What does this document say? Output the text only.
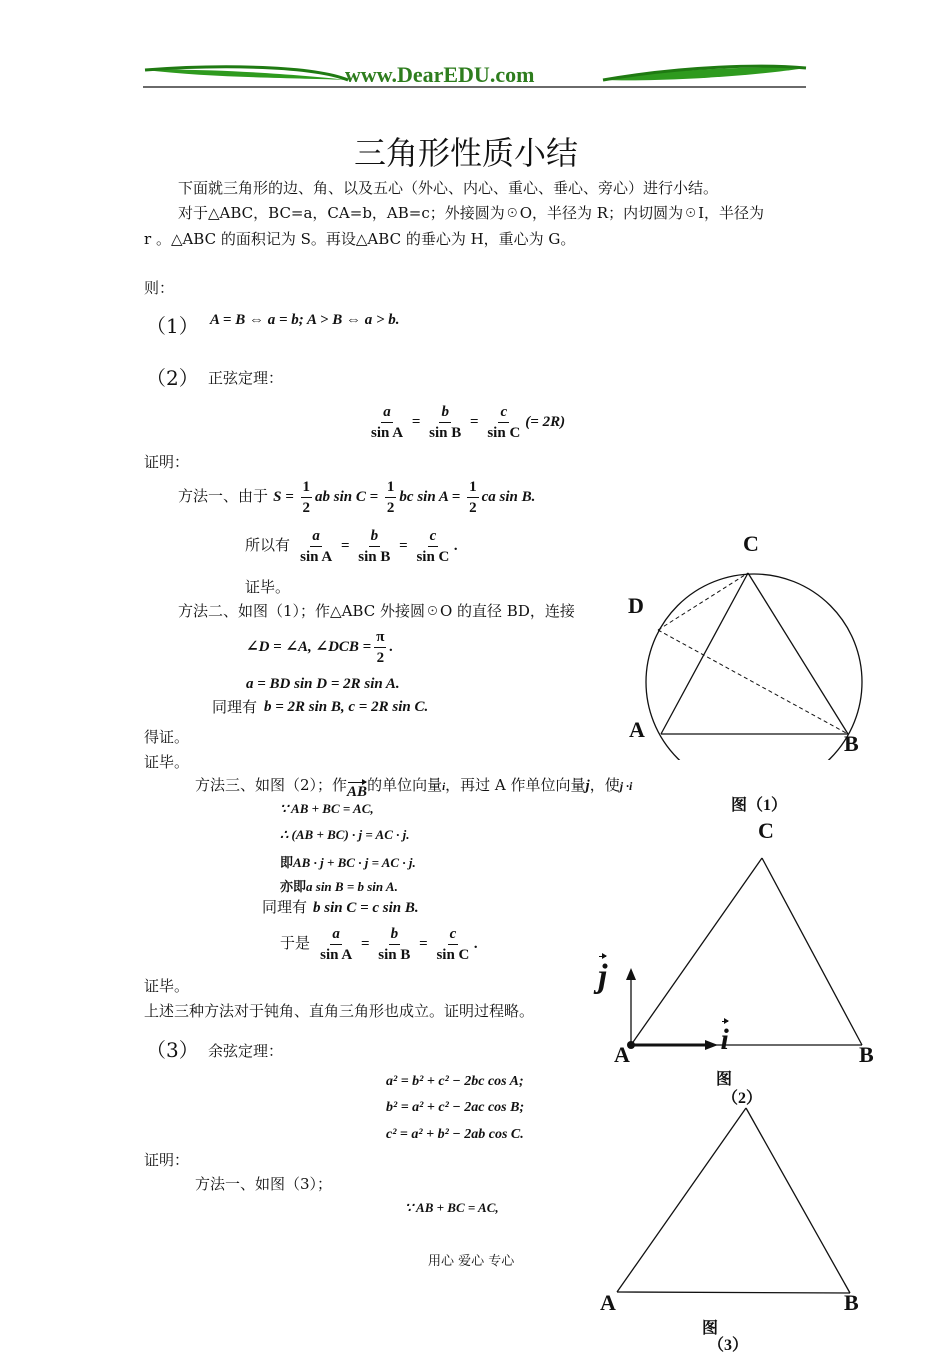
www.DearEDU.com
三角形性质小结
下面就三角形的边、角、以及五心（外心、内心、重心、垂心、旁心）进行小结。
对于△ABC，BC=a，CA=b，AB=c；外接圆为☉O，半径为 R；内切圆为☉I，半径为
r 。△ABC 的面积记为 S。再设△ABC 的垂心为 H，重心为 G。
则：
（1） A = B ⇔ a = b; A > B ⇔ a > b.
（2） 正弦定理：
$\frac{a}{\text{sin A}} = \frac{b}{\text{sin B}} = \frac{c}{\text{sin C}}$ (= 2R)
证明：
方法一、由于 $S = \frac{1}{2}$ ab $\sin C = \frac{1}{2}$ bc $\sin A = \frac{1}{2}$ ca sin B.
所以有 $\frac{a}{\text{sin A}} = \frac{b}{\text{sin B}} = \frac{c}{\text{sin C}}$ .
证毕。
方法二、如图（1）；作△ABC 外接圆☉O 的直径 BD，连接
∠D = ∠A, ∠DCB = $\frac{\pi}{2}$ .
a = BD sin D = 2R sin A.
同理有 b = 2R sin B, c = 2R sin C.
得证。
证毕。
方法三、如图（2）；作AB的单位向量i，再过 A 作单位向量j，使j ·i
∵ AB + BC = AC,
∴ (AB + BC) · j = AC · j.
即AB · j + BC · j = AC · j.
亦即a sin B = b sin A.
同理有 b sin C = c sin B.
于是 $\frac{a}{\text{sin A}} = \frac{b}{\text{sin B}} = \frac{c}{\text{sin C}}$ .
证毕。
上述三种方法对于钝角、直角三角形也成立。证明过程略。
（3） 余弦定理：
a² = b² + c² − 2bc cos A;
b² = a² + c² − 2ac cos B;
c² = a² + b² − 2ab cos C.
证明：
方法一、如图（3）；
∵ AB + BC = AC,
用心 爱心 专心
C
D
A
B
图（1）
C
A	B
j i
图
（2）
A	B
图
（3）
